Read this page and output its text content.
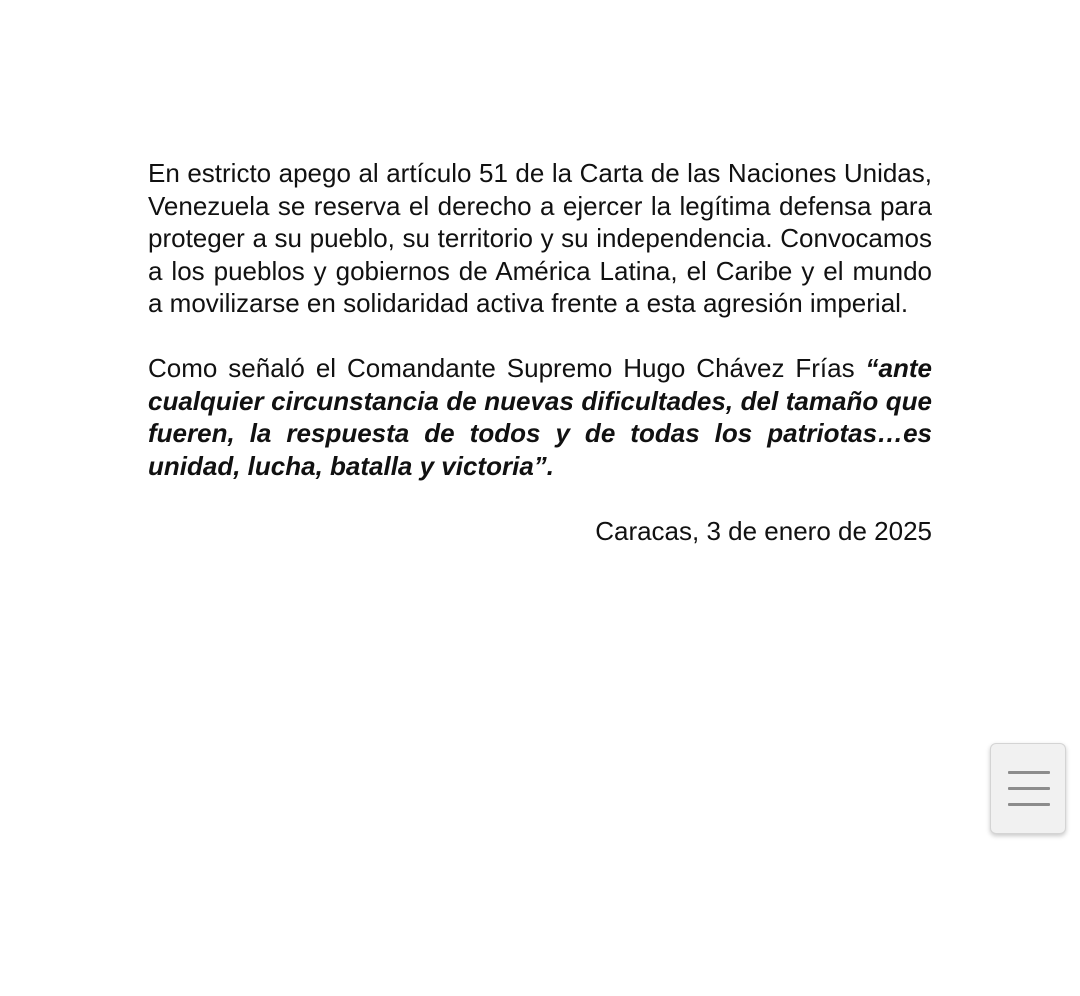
En estricto apego al artículo 51 de la Carta de las Naciones Unidas, Venezuela se reserva el derecho a ejercer la legítima defensa para proteger a su pueblo, su territorio y su independencia. Convocamos a los pueblos y gobiernos de América Latina, el Caribe y el mundo a movilizarse en solidaridad activa frente a esta agresión imperial.

Como señaló el Comandante Supremo Hugo Chávez Frías “ante cualquier circunstancia de nuevas dificultades, del tamaño que fueren, la respuesta de todos y de todas los patriotas…es unidad, lucha, batalla y victoria”.

Caracas, 3 de enero de 2025
